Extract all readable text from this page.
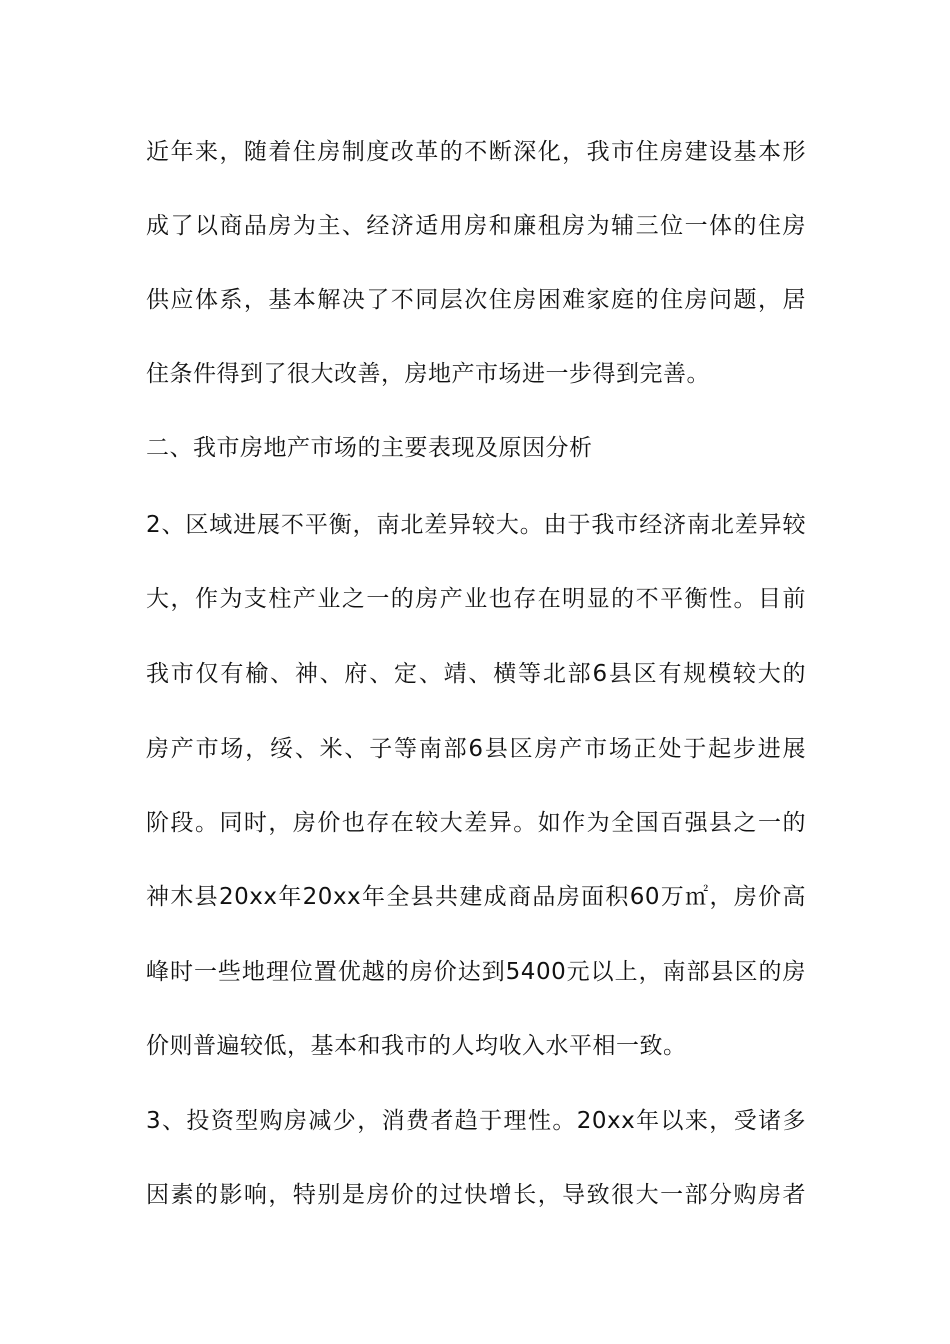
近年来，随着住房制度改革的不断深化，我市住房建设基本形
成了以商品房为主、经济适用房和廉租房为辅三位一体的住房
供应体系，基本解决了不同层次住房困难家庭的住房问题，居
住条件得到了很大改善，房地产市场进一步得到完善。
二、我市房地产市场的主要表现及原因分析
2、区域进展不平衡，南北差异较大。由于我市经济南北差异较
大，作为支柱产业之一的房产业也存在明显的不平衡性。目前
我市仅有榆、神、府、定、靖、横等北部6县区有规模较大的
房产市场，绥、米、子等南部6县区房产市场正处于起步进展
阶段。同时，房价也存在较大差异。如作为全国百强县之一的
神木县20xx年20xx年全县共建成商品房面积60万㎡，房价高
峰时一些地理位置优越的房价达到5400元以上，南部县区的房
价则普遍较低，基本和我市的人均收入水平相一致。
3、投资型购房减少，消费者趋于理性。20xx年以来，受诸多
因素的影响，特别是房价的过快增长，导致很大一部分购房者
